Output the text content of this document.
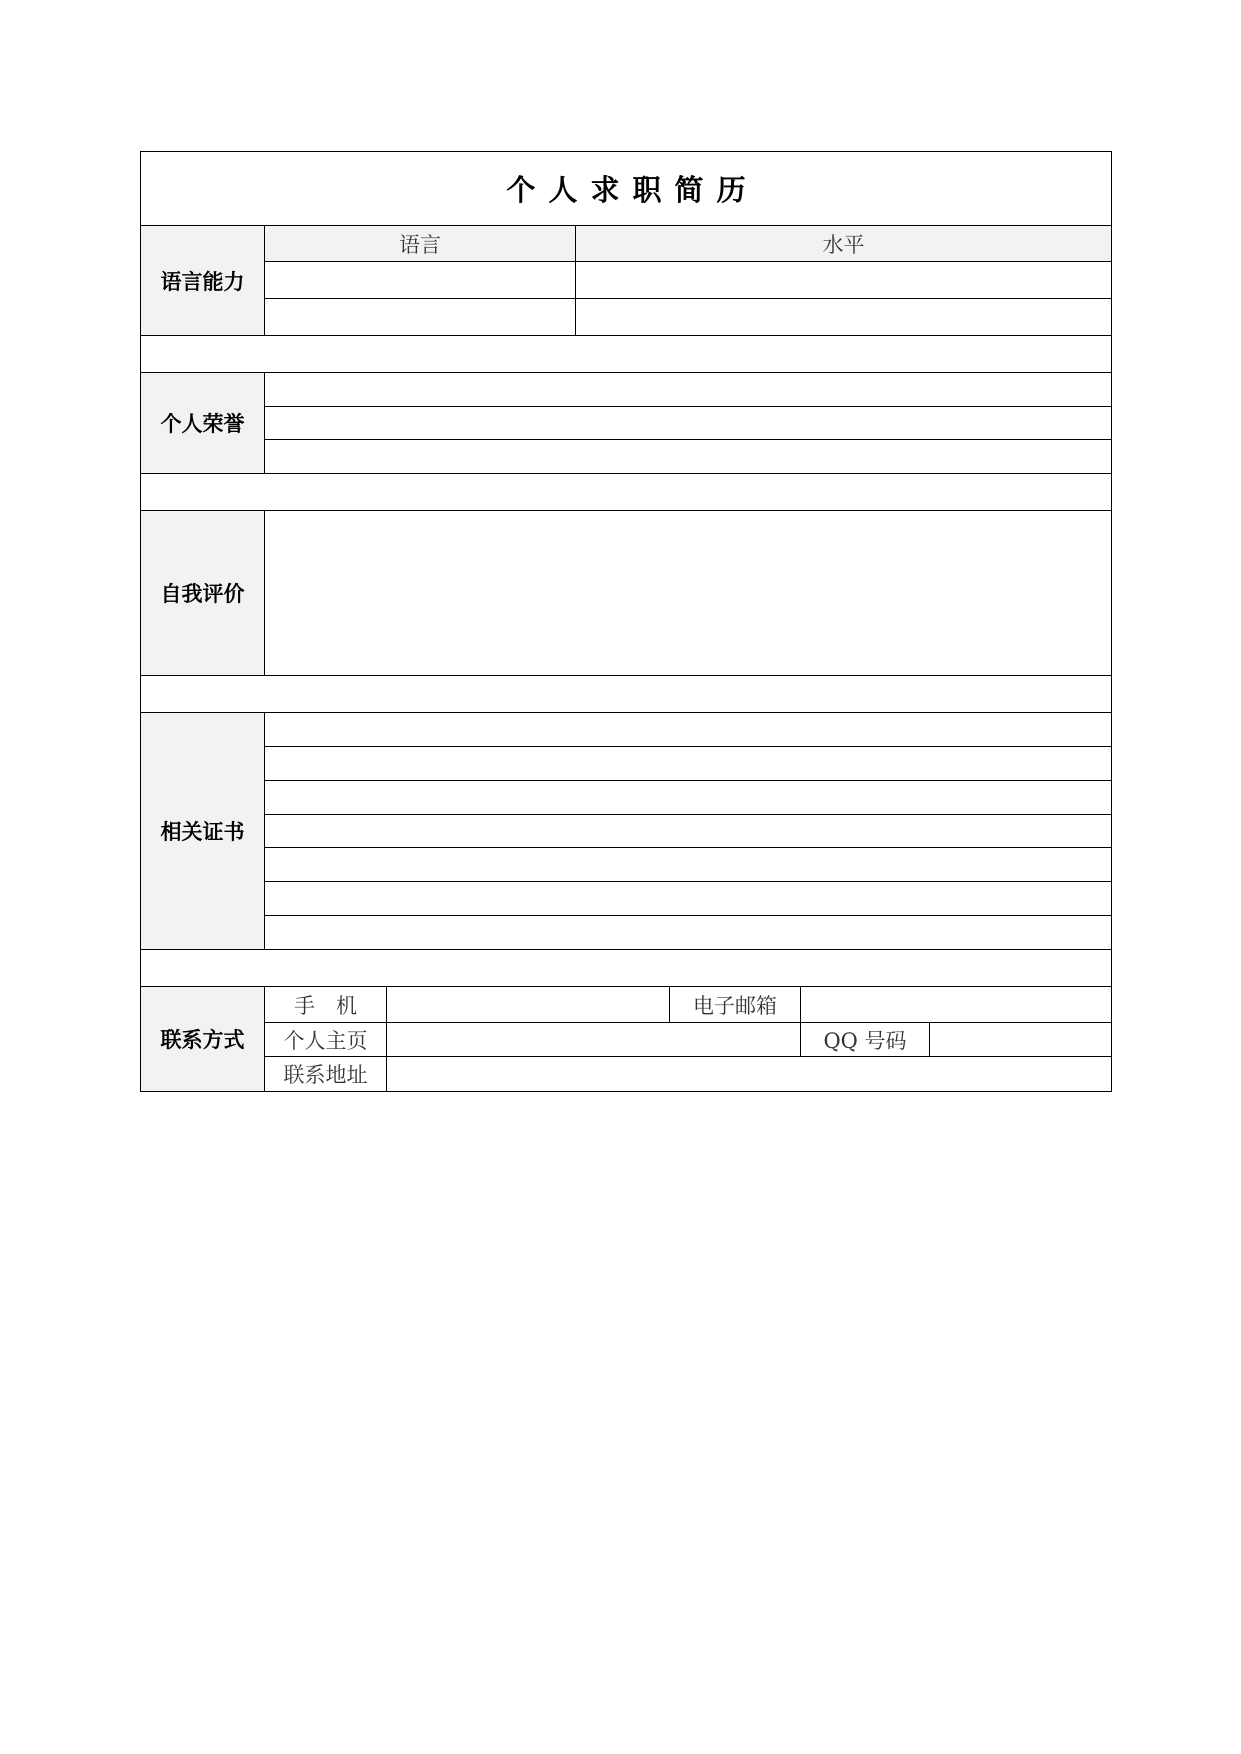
个人求职简历
语言能力
语言	水平
个人荣誉
自我评价
相关证书
联系方式
手　机	电子邮箱
个人主页	QQ 号码
联系地址
